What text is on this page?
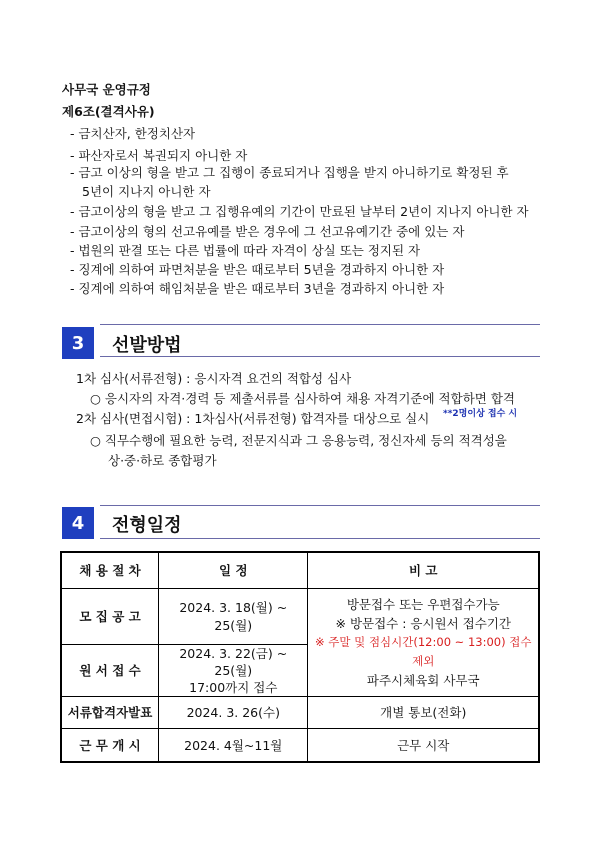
사무국 운영규정
제6조(결격사유)
- 금치산자, 한정치산자
- 파산자로서 복권되지 아니한 자
- 금고 이상의 형을 받고 그 집행이 종료되거나 집행을 받지 아니하기로 확정된 후
5년이 지나지 아니한 자
- 금고이상의 형을 받고 그 집행유예의 기간이 만료된 날부터 2년이 지나지 아니한 자
- 금고이상의 형의 선고유예를 받은 경우에 그 선고유예기간 중에 있는 자
- 법원의 판결 또는 다른 법률에 따라 자격이 상실 또는 정지된 자
- 징계에 의하여 파면처분을 받은 때로부터 5년을 경과하지 아니한 자
- 징계에 의하여 해임처분을 받은 때로부터 3년을 경과하지 아니한 자
3	선발방법
1차 심사(서류전형) : 응시자격 요건의 적합성 심사
○ 응시자의 자격·경력 등 제출서류를 심사하여 채용 자격기준에 적합하면 합격
2차 심사(면접시험) : 1차심사(서류전형) 합격자를 대상으로 실시 **2명이상 접수 시
○ 직무수행에 필요한 능력, 전문지식과 그 응용능력, 정신자세 등의 적격성을
상·중·하로 종합평가
4	전형일정
채 용 절 차	일 정	비 고
모 집 공 고	2024. 3. 18(월) ~ 25(월)	방문접수 또는 우편접수가능
※ 방문접수 : 응시원서 접수기간
※ 주말 및 점심시간(12:00 ~ 13:00) 접수 제외
파주시체육회 사무국

원 서 접 수	2024. 3. 22(금) ~ 25(월)
17:00까지 접수	

서류합격자발표	2024. 3. 26(수)	개별 통보(전화)
근 무 개 시	2024. 4월~11월	근무 시작
